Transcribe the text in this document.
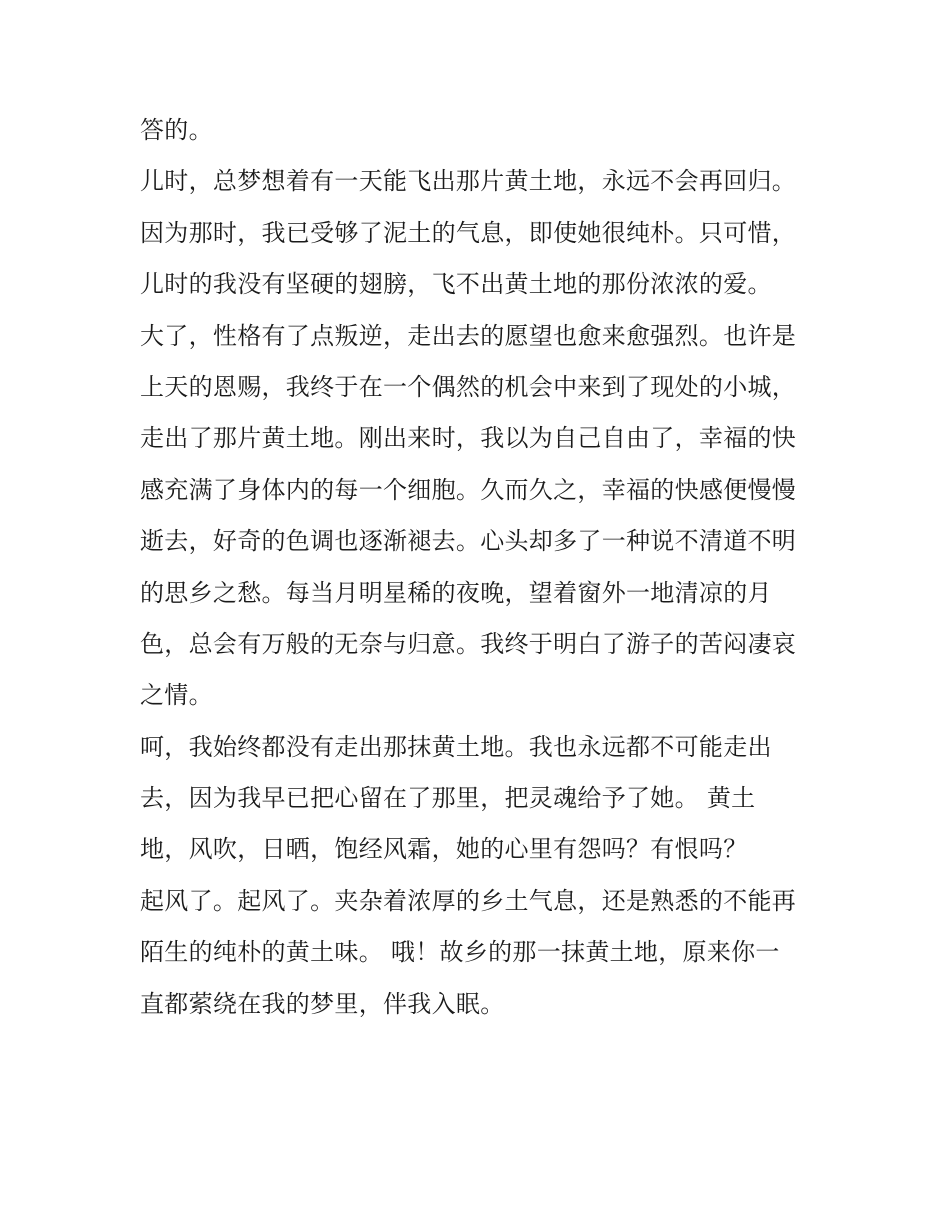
答的。
儿时，总梦想着有一天能飞出那片黄土地，永远不会再回归。
因为那时，我已受够了泥土的气息，即使她很纯朴。只可惜，
儿时的我没有坚硬的翅膀，飞不出黄土地的那份浓浓的爱。
大了，性格有了点叛逆，走出去的愿望也愈来愈强烈。也许是
上天的恩赐，我终于在一个偶然的机会中来到了现处的小城，
走出了那片黄土地。刚出来时，我以为自己自由了，幸福的快
感充满了身体内的每一个细胞。久而久之，幸福的快感便慢慢
逝去，好奇的色调也逐渐褪去。心头却多了一种说不清道不明
的思乡之愁。每当月明星稀的夜晚，望着窗外一地清凉的月
色，总会有万般的无奈与归意。我终于明白了游子的苦闷凄哀
之情。
呵，我始终都没有走出那抹黄土地。我也永远都不可能走出
去，因为我早已把心留在了那里，把灵魂给予了她。 黄土
地，风吹，日晒，饱经风霜，她的心里有怨吗？有恨吗？
起风了。起风了。夹杂着浓厚的乡土气息，还是熟悉的不能再
陌生的纯朴的黄土味。 哦！故乡的那一抹黄土地，原来你一
直都萦绕在我的梦里，伴我入眠。
